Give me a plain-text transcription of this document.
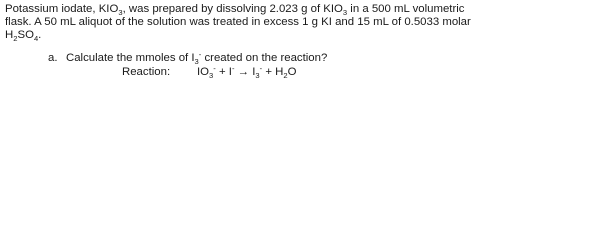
Potassium iodate, $KIO_3$, was prepared by dissolving 2.023 g of $KIO_3$ in a 500 mL volumetric
flask. A 50 mL aliquot of the solution was treated in excess 1 g KI and 15 mL of 0.5033 molar
$H_2SO_4$.
a. Calculate the mmoles of $I_3^-$ created on the reaction?
Reaction: $IO_3^- + I^- \to I_3^- + H_2O$
